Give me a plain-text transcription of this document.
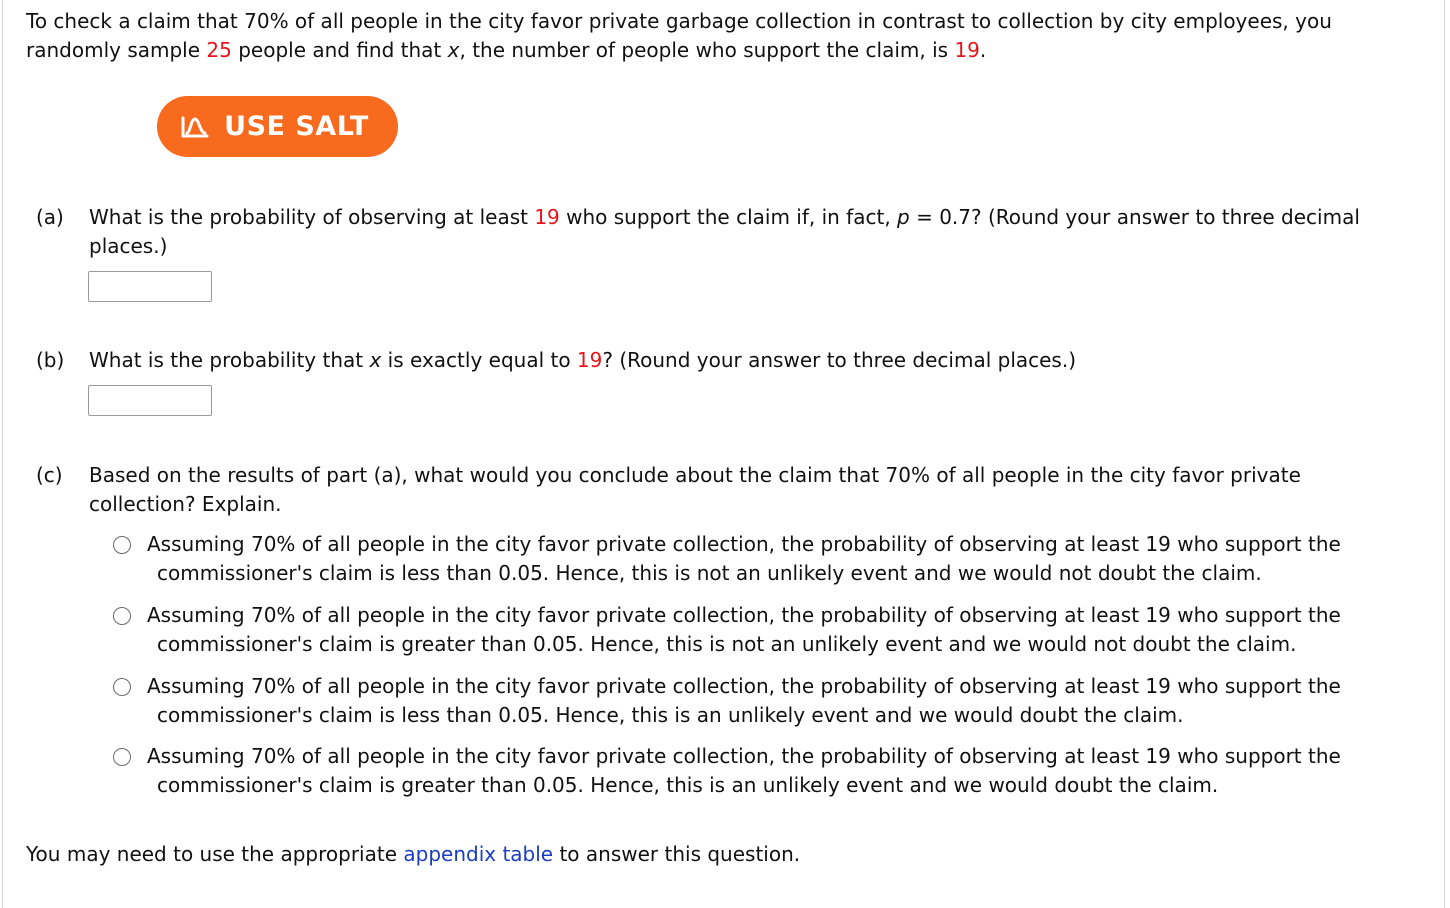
To check a claim that 70% of all people in the city favor private garbage collection in contrast to collection by city employees, you

randomly sample 25 people and find that x, the number of people who support the claim, is 19.

USE SALT
(a) What is the probability of observing at least 19 who support the claim if, in fact, p = 0.7? (Round your answer to three decimal
places.)
(b) What is the probability that x is exactly equal to 19? (Round your answer to three decimal places.)
(c) Based on the results of part (a), what would you conclude about the claim that 70% of all people in the city favor private
collection? Explain.
Assuming 70% of all people in the city favor private collection, the probability of observing at least 19 who support the
commissioner's claim is less than 0.05. Hence, this is not an unlikely event and we would not doubt the claim.
Assuming 70% of all people in the city favor private collection, the probability of observing at least 19 who support the
commissioner's claim is greater than 0.05. Hence, this is not an unlikely event and we would not doubt the claim.
Assuming 70% of all people in the city favor private collection, the probability of observing at least 19 who support the
commissioner's claim is less than 0.05. Hence, this is an unlikely event and we would doubt the claim.
Assuming 70% of all people in the city favor private collection, the probability of observing at least 19 who support the
commissioner's claim is greater than 0.05. Hence, this is an unlikely event and we would doubt the claim.
You may need to use the appropriate appendix table to answer this question.
